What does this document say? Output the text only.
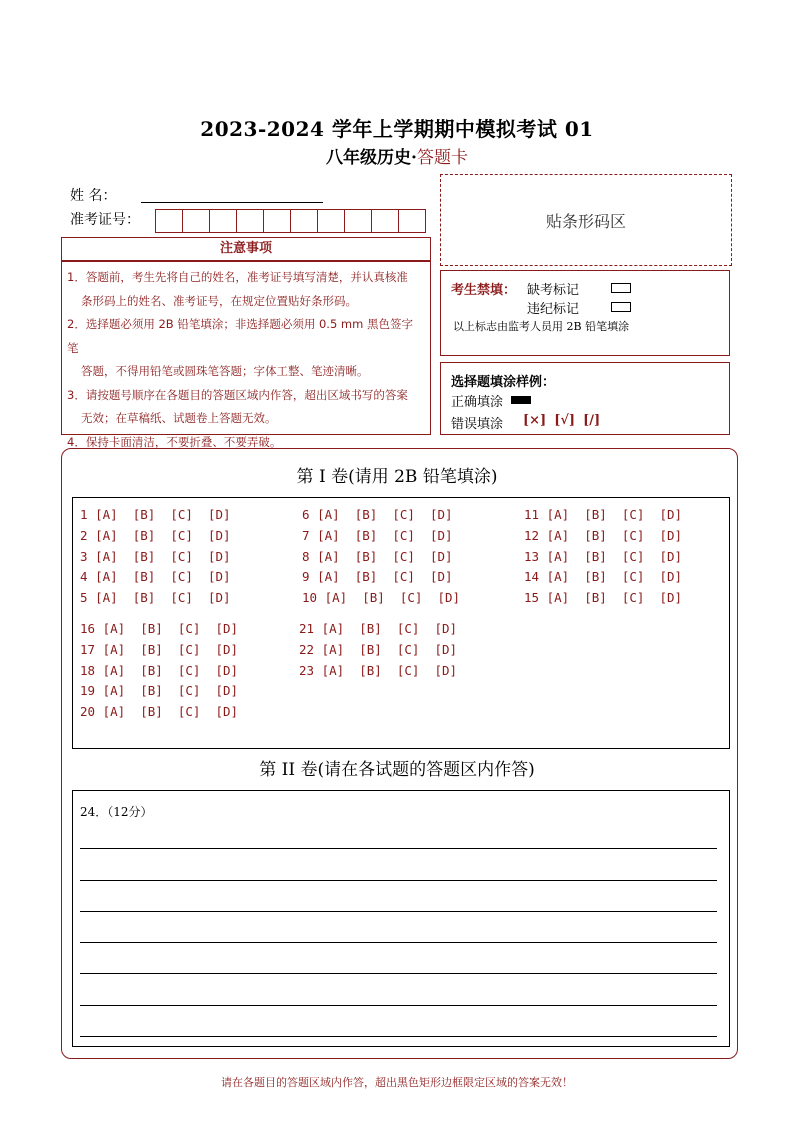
2023-2024 学年上学期期中模拟考试 01
八年级历史·答题卡
姓 名：
准考证号：	贴条形码区
注意事项

1．答题前，考生先将自己的姓名，准考证号填写清楚，并认真核准

条形码上的姓名、准考证号，在规定位置贴好条形码。

2．选择题必须用 2B 铅笔填涂；非选择题必须用 0.5 mm 黑色签字笔

答题，不得用铅笔或圆珠笔答题；字体工整、笔迹清晰。

3．请按题号顺序在各题目的答题区域内作答，超出区域书写的答案

无效；在草稿纸、试题卷上答题无效。

4．保持卡面清洁，不要折叠、不要弄破。

考生禁填： 缺考标记
违纪标记
以上标志由监考人员用 2B 铅笔填涂
选择题填涂样例：
正确填涂
错误填涂 [×] [√] [/]
第 I 卷(请用 2B 铅笔填涂)
1 [A]  [B]  [C]  [D]
2 [A]  [B]  [C]  [D]
3 [A]  [B]  [C]  [D]
4 [A]  [B]  [C]  [D]
5 [A]  [B]  [C]  [D]
6 [A]  [B]  [C]  [D]
7 [A]  [B]  [C]  [D]
8 [A]  [B]  [C]  [D]
9 [A]  [B]  [C]  [D]
10 [A]  [B]  [C]  [D]
11 [A]  [B]  [C]  [D]
12 [A]  [B]  [C]  [D]
13 [A]  [B]  [C]  [D]
14 [A]  [B]  [C]  [D]
15 [A]  [B]  [C]  [D]
16 [A]  [B]  [C]  [D]
17 [A]  [B]  [C]  [D]
18 [A]  [B]  [C]  [D]
19 [A]  [B]  [C]  [D]
20 [A]  [B]  [C]  [D]
21 [A]  [B]  [C]  [D]
22 [A]  [B]  [C]  [D]
23 [A]  [B]  [C]  [D]
第 II 卷(请在各试题的答题区内作答)
24．（12分）
请在各题目的答题区域内作答，超出黑色矩形边框限定区域的答案无效！
